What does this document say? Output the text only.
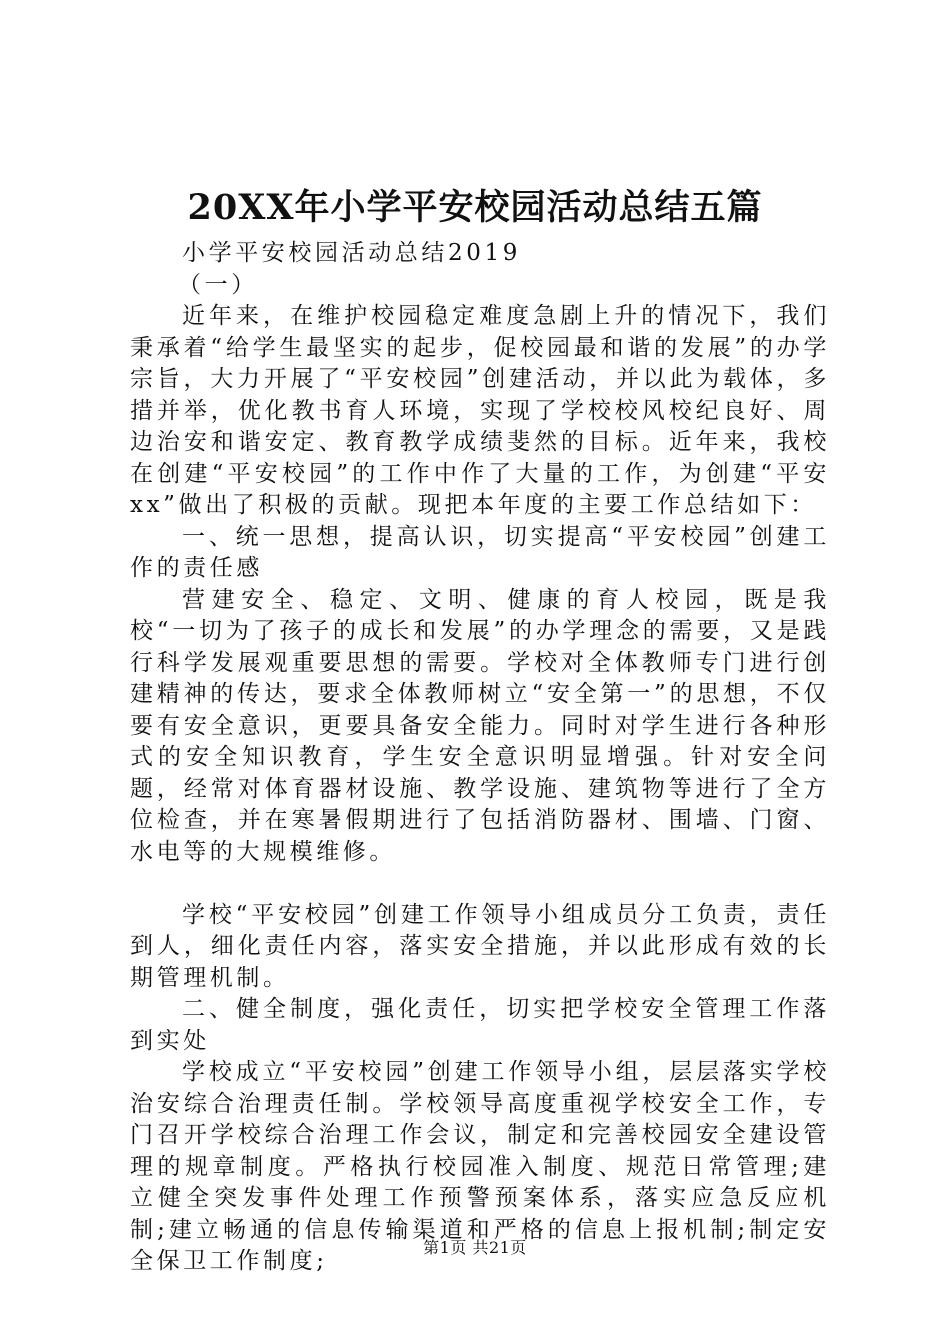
20XX年小学平安校园活动总结五篇

小学平安校园活动总结2019

（一）

近年来，在维护校园稳定难度急剧上升的情况下，我们秉承着“给学生最坚实的起步，促校园最和谐的发展”的办学宗旨，大力开展了“平安校园”创建活动，并以此为载体，多措并举，优化教书育人环境，实现了学校校风校纪良好、周边治安和谐安定、教育教学成绩斐然的目标。近年来，我校在创建“平安校园”的工作中作了大量的工作，为创建“平安xx”做出了积极的贡献。现把本年度的主要工作总结如下：

一、统一思想，提高认识，切实提高“平安校园”创建工作的责任感

营建安全、稳定、文明、健康的育人校园，既是我校“一切为了孩子的成长和发展”的办学理念的需要，又是践行科学发展观重要思想的需要。学校对全体教师专门进行创建精神的传达，要求全体教师树立“安全第一”的思想，不仅要有安全意识，更要具备安全能力。同时对学生进行各种形式的安全知识教育，学生安全意识明显增强。针对安全问题，经常对体育器材设施、教学设施、建筑物等进行了全方位检查，并在寒暑假期进行了包括消防器材、围墙、门窗、水电等的大规模维修。

学校“平安校园”创建工作领导小组成员分工负责，责任到人，细化责任内容，落实安全措施，并以此形成有效的长期管理机制。

二、健全制度，强化责任，切实把学校安全管理工作落到实处

学校成立“平安校园”创建工作领导小组，层层落实学校治安综合治理责任制。学校领导高度重视学校安全工作，专门召开学校综合治理工作会议，制定和完善校园安全建设管理的规章制度。严格执行校园准入制度、规范日常管理;建立健全突发事件处理工作预警预案体系，落实应急反应机制;建立畅通的信息传输渠道和严格的信息上报机制;制定安全保卫工作制度;

第1页 共21页
